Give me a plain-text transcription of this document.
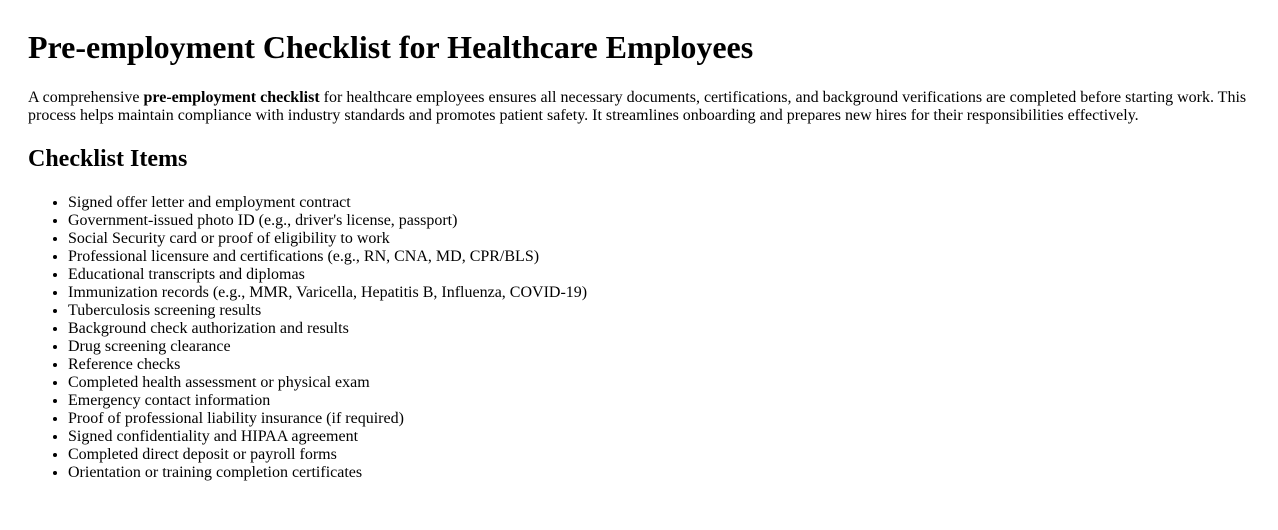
Pre-employment Checklist for Healthcare Employees

A comprehensive pre-employment checklist for healthcare employees ensures all necessary documents, certifications, and background verifications are completed before starting work. This process helps maintain compliance with industry standards and promotes patient safety. It streamlines onboarding and prepares new hires for their responsibilities effectively.

Checklist Items
• Signed offer letter and employment contract
• Government-issued photo ID (e.g., driver's license, passport)
• Social Security card or proof of eligibility to work
• Professional licensure and certifications (e.g., RN, CNA, MD, CPR/BLS)
• Educational transcripts and diplomas
• Immunization records (e.g., MMR, Varicella, Hepatitis B, Influenza, COVID-19)
• Tuberculosis screening results
• Background check authorization and results
• Drug screening clearance
• Reference checks
• Completed health assessment or physical exam
• Emergency contact information
• Proof of professional liability insurance (if required)
• Signed confidentiality and HIPAA agreement
• Completed direct deposit or payroll forms
• Orientation or training completion certificates
